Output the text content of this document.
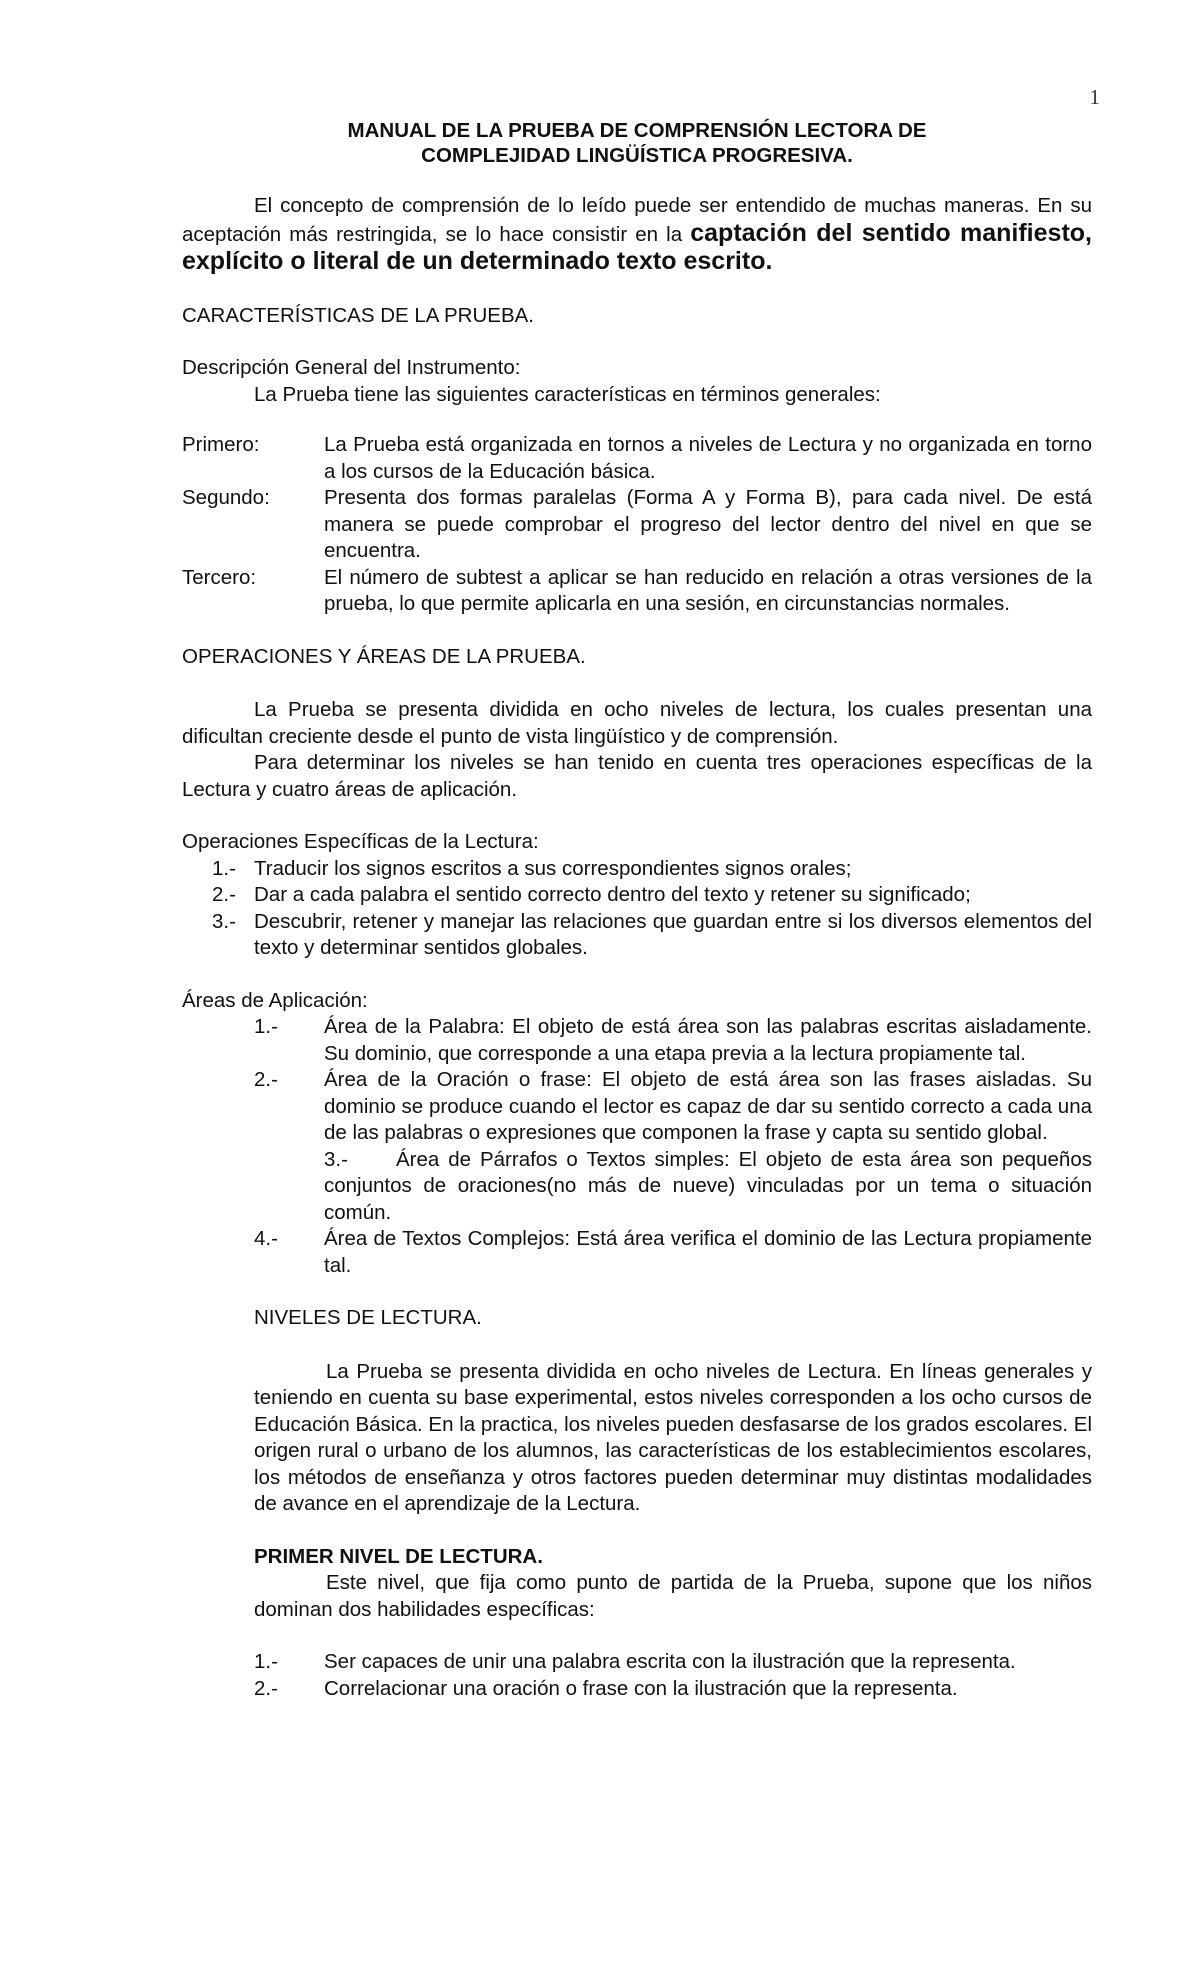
1
MANUAL DE LA PRUEBA DE COMPRENSIÓN LECTORA DE
COMPLEJIDAD LINGÜÍSTICA PROGRESIVA.

El concepto de comprensión de lo leído puede ser entendido de muchas maneras. En su aceptación más restringida, se lo hace consistir en la captación del sentido manifiesto, explícito o literal de un determinado texto escrito.

CARACTERÍSTICAS DE LA PRUEBA.
Descripción General del Instrumento:
La Prueba tiene las siguientes características en términos generales:
Primero:	La Prueba está organizada en tornos a niveles de Lectura y no organizada en torno a los cursos de la Educación básica.
Segundo:	Presenta dos formas paralelas (Forma A y Forma B), para cada nivel. De está manera se puede comprobar el progreso del lector dentro del nivel en que se encuentra.
Tercero:	El número de subtest a aplicar se han reducido en relación a otras versiones de la prueba, lo que permite aplicarla en una sesión, en circunstancias normales.
OPERACIONES Y ÁREAS DE LA PRUEBA.

La Prueba se presenta dividida en ocho niveles de lectura, los cuales presentan una dificultan creciente desde el punto de vista lingüístico y de comprensión.

Para determinar los niveles se han tenido en cuenta tres operaciones específicas de la Lectura y cuatro áreas de aplicación.

Operaciones Específicas de la Lectura:
1.- Traducir los signos escritos a sus correspondientes signos orales;
2.- Dar a cada palabra el sentido correcto dentro del texto y retener su significado;
3.- Descubrir, retener y manejar las relaciones que guardan entre si los diversos elementos del texto y determinar sentidos globales.
Áreas de Aplicación:
1.-	Área de la Palabra: El objeto de está área son las palabras escritas aisladamente. Su dominio, que corresponde a una etapa previa a la lectura propiamente tal.
2.-	Área de la Oración o frase: El objeto de está área son las frases aisladas. Su dominio se produce cuando el lector es capaz de dar su sentido correcto a cada una de las palabras o expresiones que componen la frase y capta su sentido global.
3.- Área de Párrafos o Textos simples: El objeto de esta área son pequeños conjuntos de oraciones(no más de nueve) vinculadas por un tema o situación común.
4.-	Área de Textos Complejos: Está área verifica el dominio de las Lectura propiamente tal.
NIVELES DE LECTURA.

La Prueba se presenta dividida en ocho niveles de Lectura. En líneas generales y teniendo en cuenta su base experimental, estos niveles corresponden a los ocho cursos de Educación Básica. En la practica, los niveles pueden desfasarse de los grados escolares. El origen rural o urbano de los alumnos, las características de los establecimientos escolares, los métodos de enseñanza y otros factores pueden determinar muy distintas modalidades de avance en el aprendizaje de la Lectura.

PRIMER NIVEL DE LECTURA.

Este nivel, que fija como punto de partida de la Prueba, supone que los niños dominan dos habilidades específicas:

1.-	Ser capaces de unir una palabra escrita con la ilustración que la representa.
2.-	Correlacionar una oración o frase con la ilustración que la representa.
